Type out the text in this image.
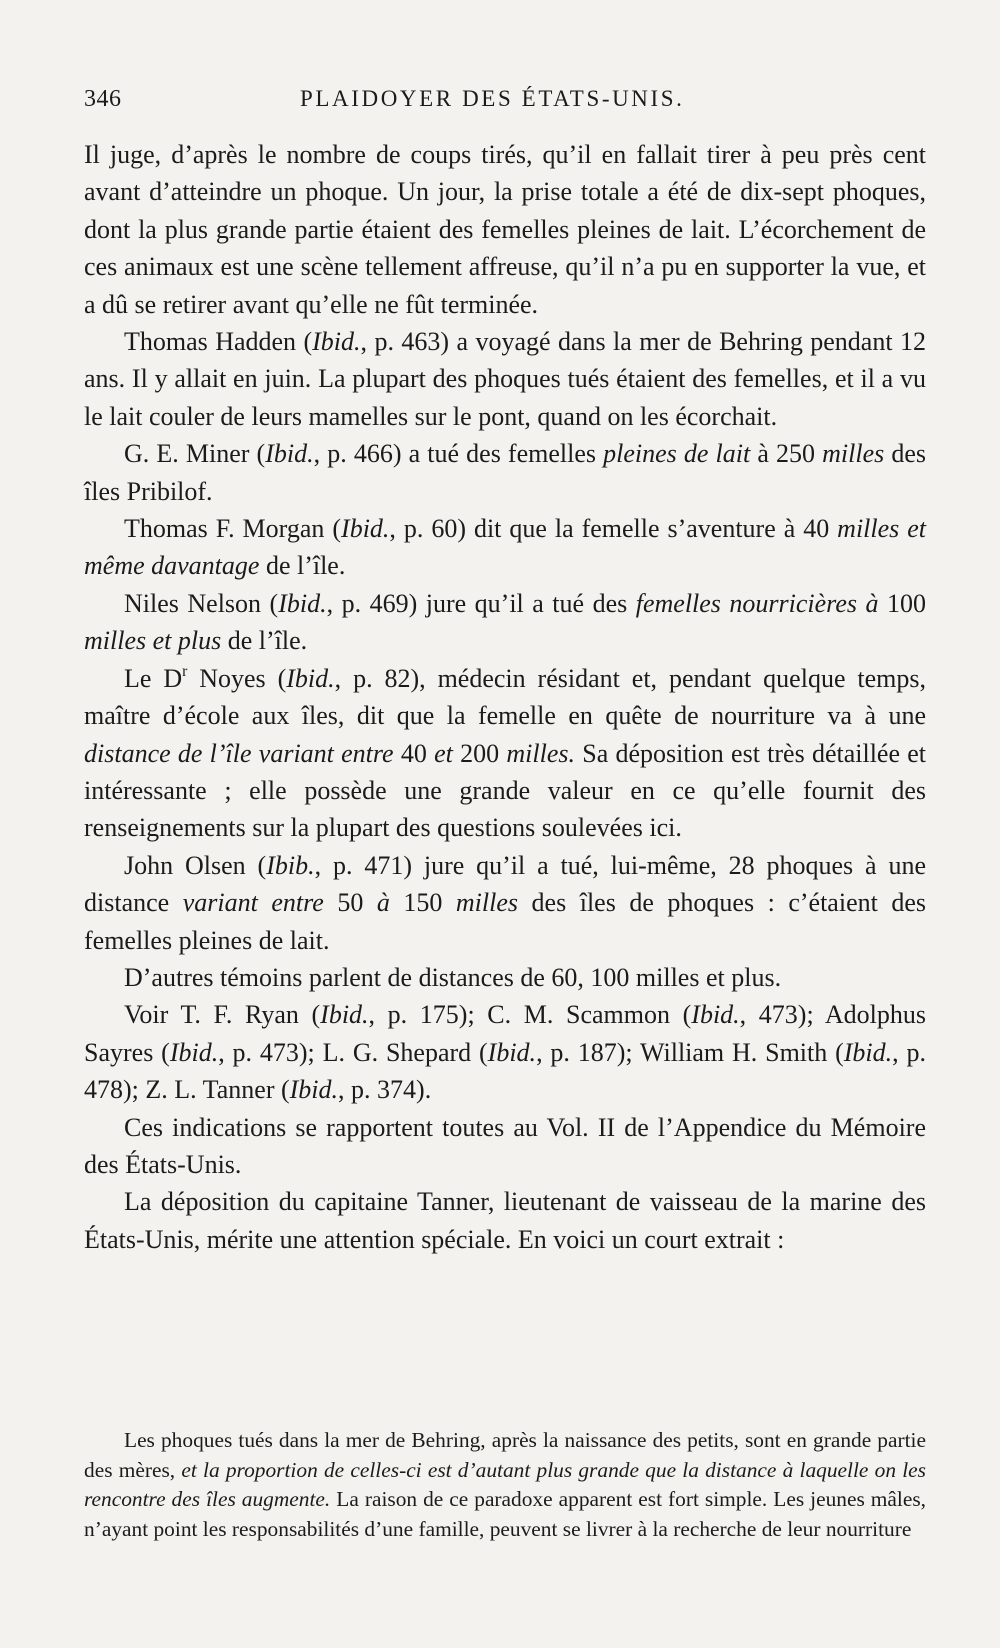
346	PLAIDOYER DES ÉTATS-UNIS.

Il juge, d’après le nombre de coups tirés, qu’il en fallait tirer à peu près cent avant d’atteindre un phoque. Un jour, la prise totale a été de dix-sept phoques, dont la plus grande partie étaient des femelles pleines de lait. L’écorchement de ces animaux est une scène tellement affreuse, qu’il n’a pu en supporter la vue, et a dû se retirer avant qu’elle ne fût terminée.

Thomas Hadden (Ibid., p. 463) a voyagé dans la mer de Behring pendant 12 ans. Il y allait en juin. La plupart des phoques tués étaient des femelles, et il a vu le lait couler de leurs mamelles sur le pont, quand on les écorchait.

G. E. Miner (Ibid., p. 466) a tué des femelles pleines de lait à 250 milles des îles Pribilof.

Thomas F. Morgan (Ibid., p. 60) dit que la femelle s’aventure à 40 milles et même davantage de l’île.

Niles Nelson (Ibid., p. 469) jure qu’il a tué des femelles nourricières à 100 milles et plus de l’île.

Le $D^r$ Noyes (Ibid., p. 82), médecin résidant et, pendant quelque temps, maître d’école aux îles, dit que la femelle en quête de nourriture va à une distance de l’île variant entre 40 et 200 milles. Sa déposition est très détaillée et intéressante ; elle possède une grande valeur en ce qu’elle fournit des renseignements sur la plupart des questions soulevées ici.

John Olsen (Ibib., p. 471) jure qu’il a tué, lui-même, 28 phoques à une distance variant entre 50 à 150 milles des îles de phoques : c’étaient des femelles pleines de lait.

D’autres témoins parlent de distances de 60, 100 milles et plus.

Voir T. F. Ryan (Ibid., p. 175); C. M. Scammon (Ibid., 473); Adolphus Sayres (Ibid., p. 473); L. G. Shepard (Ibid., p. 187); William H. Smith (Ibid., p. 478); Z. L. Tanner (Ibid., p. 374).

Ces indications se rapportent toutes au Vol. II de l’Appendice du Mémoire des États-Unis.

La déposition du capitaine Tanner, lieutenant de vaisseau de la marine des États-Unis, mérite une attention spéciale. En voici un court extrait :

Les phoques tués dans la mer de Behring, après la naissance des petits, sont en grande partie des mères, et la proportion de celles-ci est d’autant plus grande que la distance à laquelle on les rencontre des îles augmente. La raison de ce paradoxe apparent est fort simple. Les jeunes mâles, n’ayant point les responsabilités d’une famille, peuvent se livrer à la recherche de leur nourriture
